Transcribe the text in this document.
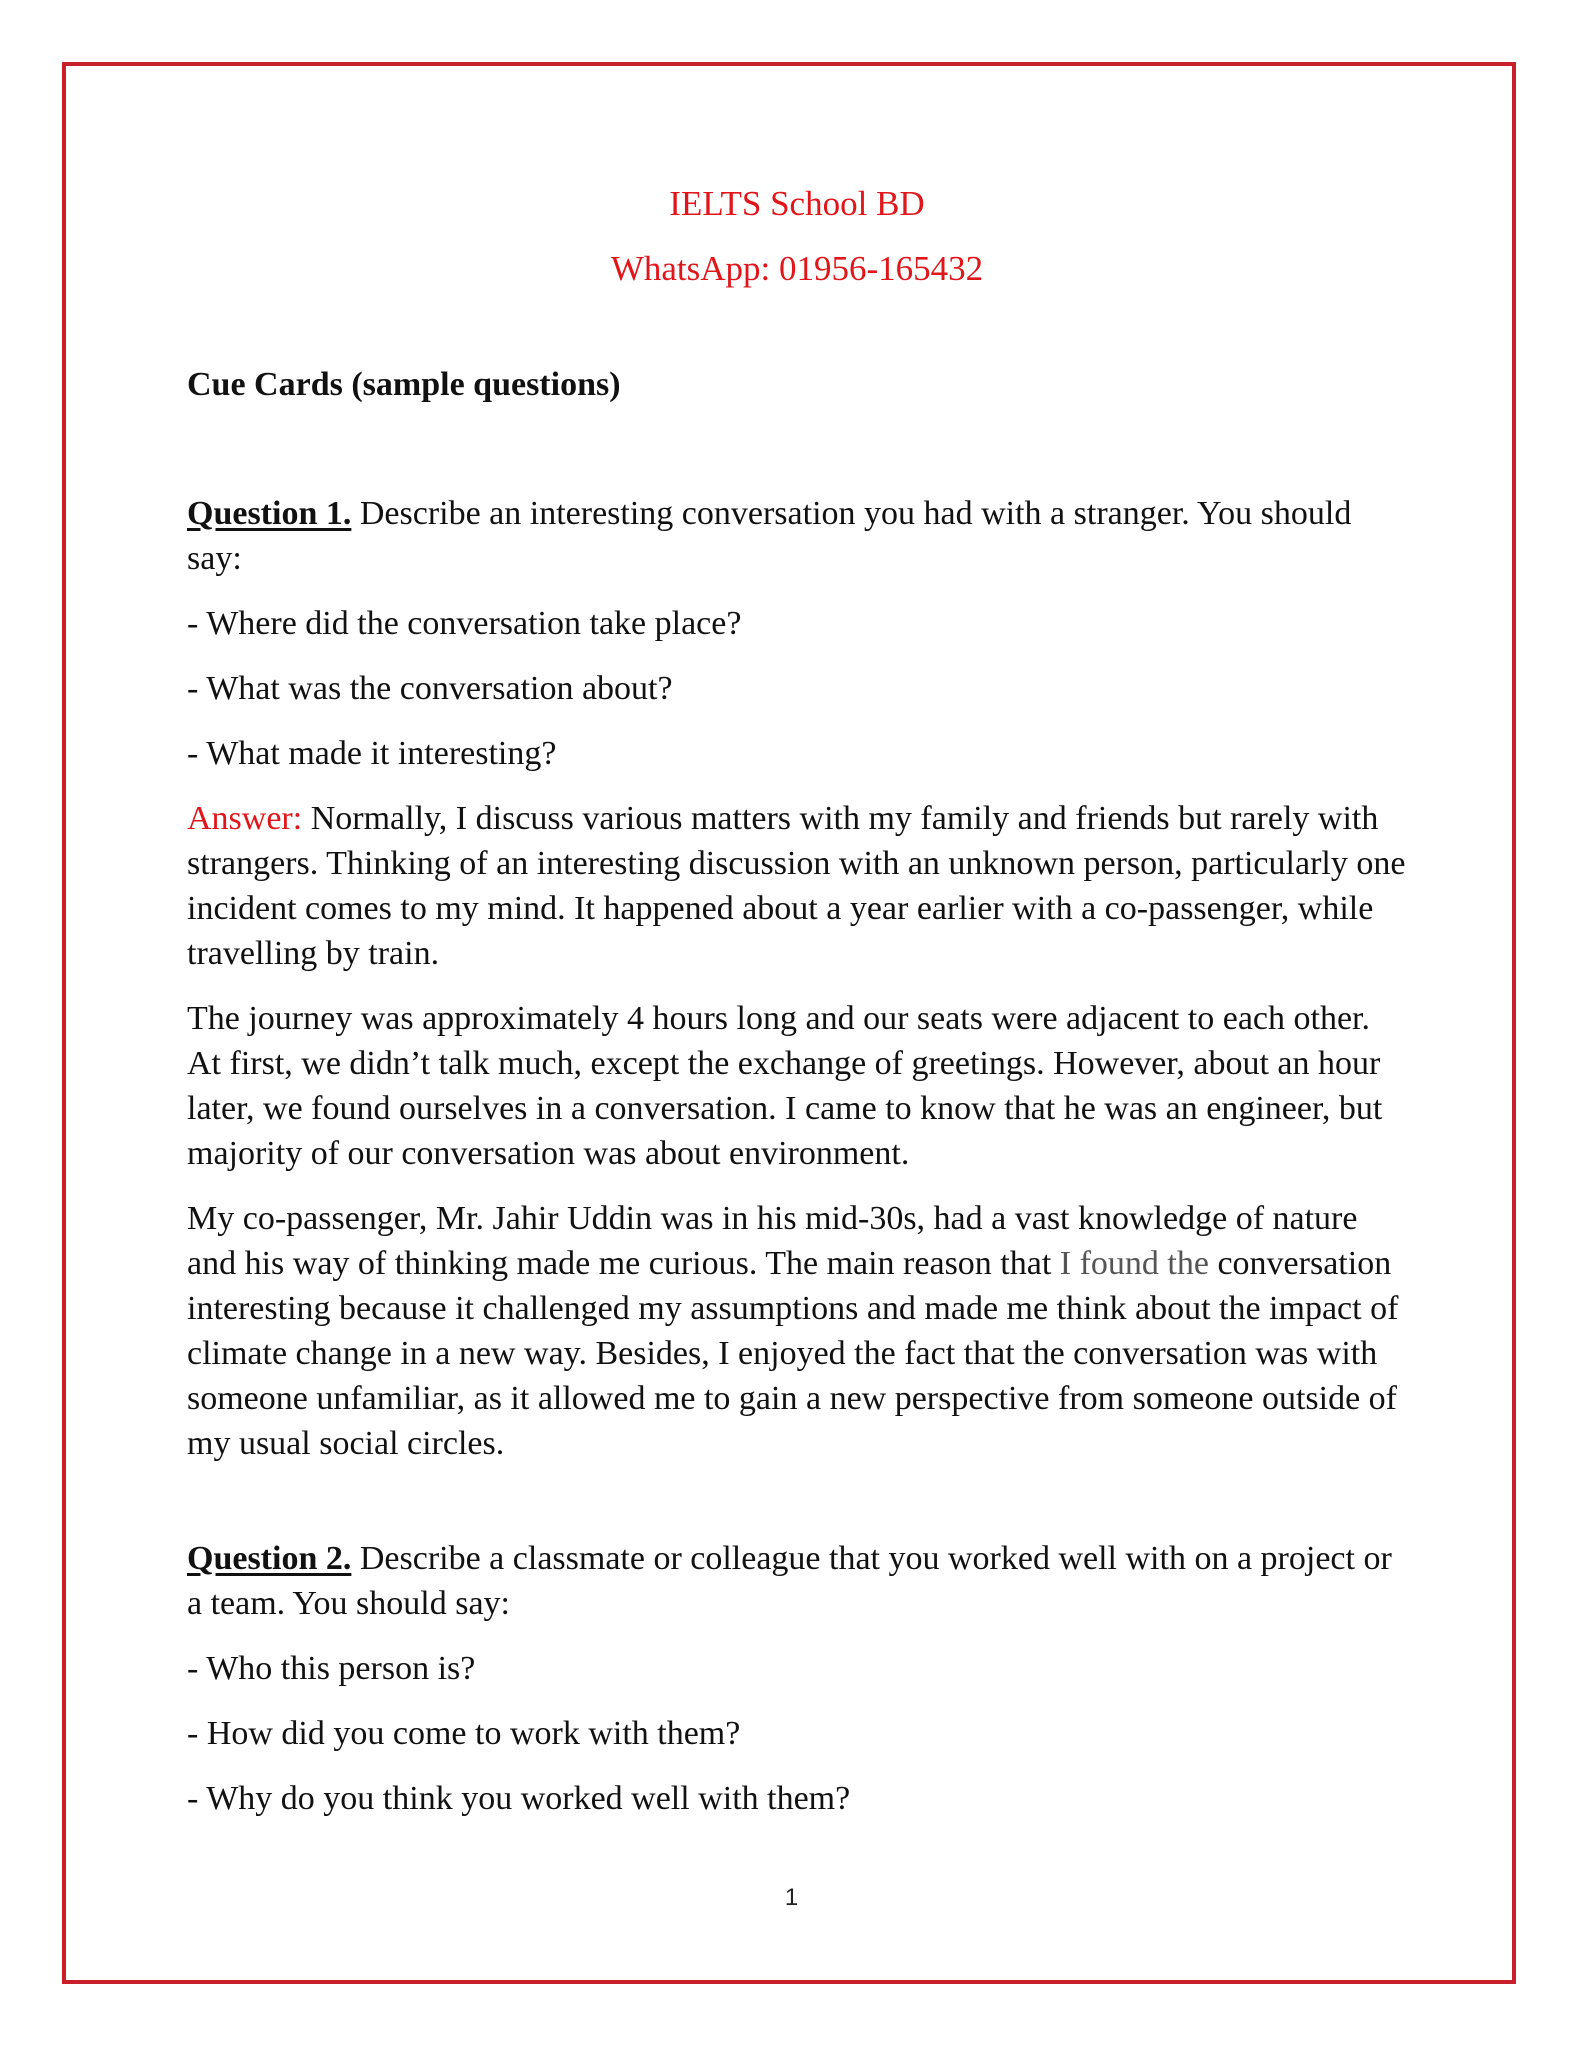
IELTS School BD

WhatsApp: 01956-165432

Cue Cards (sample questions)

Question 1. Describe an interesting conversation you had with a stranger. You should say:
- Where did the conversation take place?
- What was the conversation about?
- What made it interesting?
Answer: Normally, I discuss various matters with my family and friends but rarely with strangers. Thinking of an interesting discussion with an unknown person, particularly one incident comes to my mind. It happened about a year earlier with a co-passenger, while travelling by train.
The journey was approximately 4 hours long and our seats were adjacent to each other. At first, we didn’t talk much, except the exchange of greetings. However, about an hour later, we found ourselves in a conversation. I came to know that he was an engineer, but majority of our conversation was about environment.
My co-passenger, Mr. Jahir Uddin was in his mid-30s, had a vast knowledge of nature and his way of thinking made me curious. The main reason that I found the conversation interesting because it challenged my assumptions and made me think about the impact of climate change in a new way. Besides, I enjoyed the fact that the conversation was with someone unfamiliar, as it allowed me to gain a new perspective from someone outside of my usual social circles.
Question 2. Describe a classmate or colleague that you worked well with on a project or a team. You should say:
- Who this person is?
- How did you come to work with them?
- Why do you think you worked well with them?
1
